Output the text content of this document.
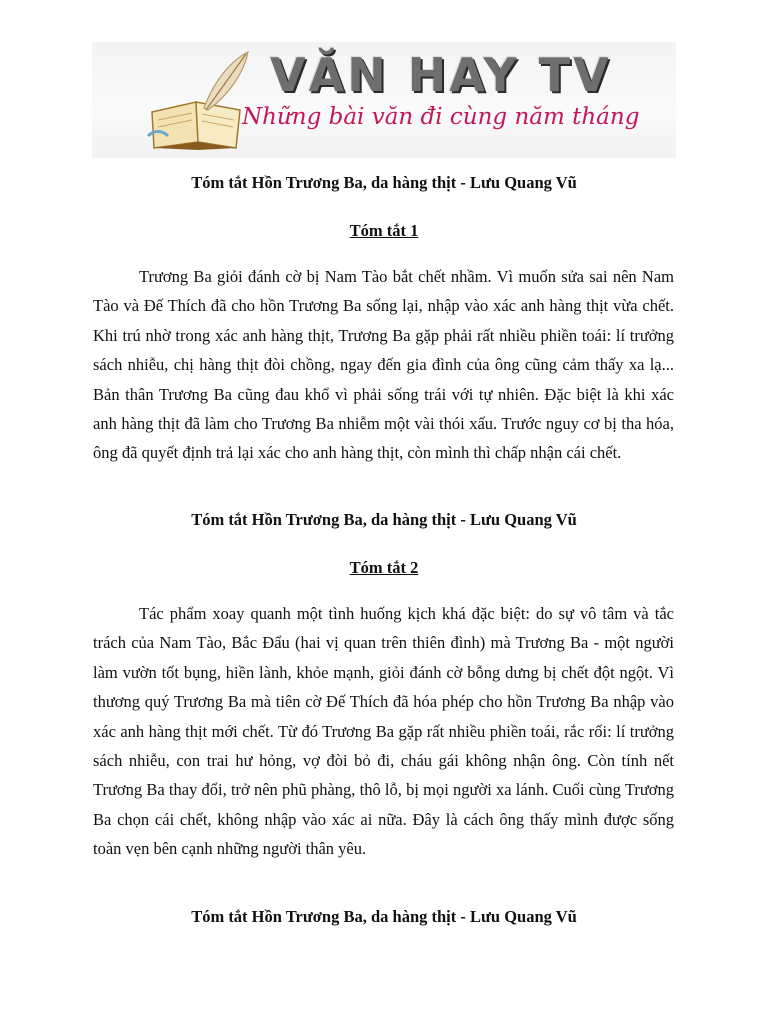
VĂN HAY TV
Những bài văn đi cùng năm tháng

Tóm tắt Hồn Trương Ba, da hàng thịt - Lưu Quang Vũ

Tóm tắt 1

Trương Ba giỏi đánh cờ bị Nam Tào bắt chết nhầm. Vì muốn sửa sai nên Nam Tào và Đế Thích đã cho hồn Trương Ba sống lại, nhập vào xác anh hàng thịt vừa chết. Khi trú nhờ trong xác anh hàng thịt, Trương Ba gặp phải rất nhiều phiền toái: lí trưởng sách nhiễu, chị hàng thịt đòi chồng, ngay đến gia đình của ông cũng cảm thấy xa lạ... Bản thân Trương Ba cũng đau khổ vì phải sống trái với tự nhiên. Đặc biệt là khi xác anh hàng thịt đã làm cho Trương Ba nhiễm một vài thói xấu. Trước nguy cơ bị tha hóa, ông đã quyết định trả lại xác cho anh hàng thịt, còn mình thì chấp nhận cái chết.

Tóm tắt Hồn Trương Ba, da hàng thịt - Lưu Quang Vũ

Tóm tắt 2

Tác phẩm xoay quanh một tình huống kịch khá đặc biệt: do sự vô tâm và tắc trách của Nam Tào, Bắc Đẩu (hai vị quan trên thiên đình) mà Trương Ba - một người làm vườn tốt bụng, hiền lành, khỏe mạnh, giỏi đánh cờ bỗng dưng bị chết đột ngột. Vì thương quý Trương Ba mà tiên cờ Đế Thích đã hóa phép cho hồn Trương Ba nhập vào xác anh hàng thịt mới chết. Từ đó Trương Ba gặp rất nhiều phiền toái, rắc rối: lí trưởng sách nhiễu, con trai hư hỏng, vợ đòi bỏ đi, cháu gái không nhận ông. Còn tính nết Trương Ba thay đổi, trở nên phũ phàng, thô lỗ, bị mọi người xa lánh. Cuối cùng Trương Ba chọn cái chết, không nhập vào xác ai nữa. Đây là cách ông thấy mình được sống toàn vẹn bên cạnh những người thân yêu.

Tóm tắt Hồn Trương Ba, da hàng thịt - Lưu Quang Vũ
